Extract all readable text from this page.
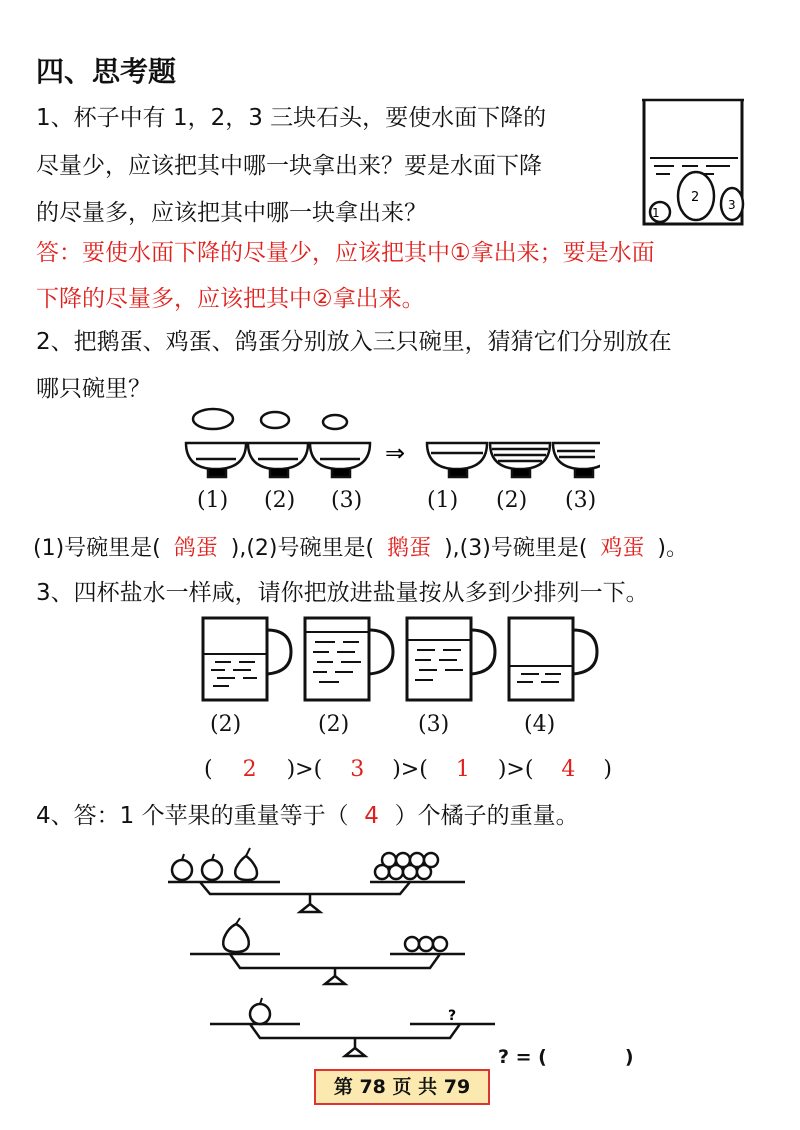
四、思考题
1、杯子中有 1，2，3 三块石头，要使水面下降的
尽量少，应该把其中哪一块拿出来？要是水面下降
的尽量多，应该把其中哪一块拿出来？
答：要使水面下降的尽量少，应该把其中①拿出来；要是水面
下降的尽量多，应该把其中②拿出来。
1
2 3
2、把鹅蛋、鸡蛋、鸽蛋分别放入三只碗里，猜猜它们分别放在
哪只碗里？
⇒
(1) (2) (3)	(1) (2) (3)
(1)号碗里是( 鸽蛋 ),(2)号碗里是( 鹅蛋 ),(3)号碗里是( 鸡蛋 )。
3、四杯盐水一样咸，请你把放进盐量按从多到少排列一下。
(2)	(2)	(3)	(4)
( 2 )>( 3 )>( 1 )>( 4 )
4、答：1 个苹果的重量等于（ 4 ）个橘子的重量。
?
? = (	)
第 78 页 共 79
